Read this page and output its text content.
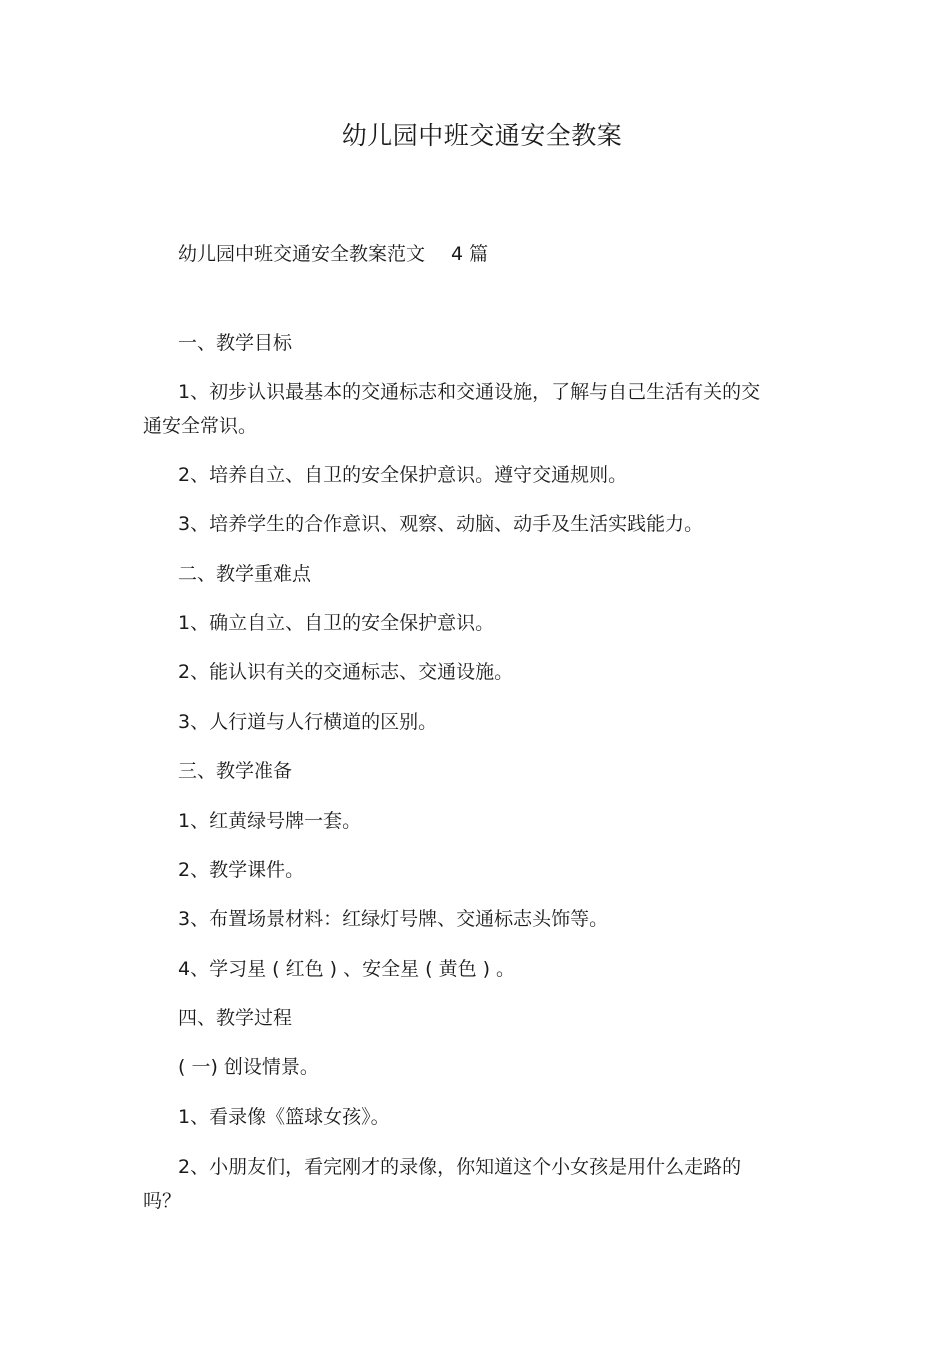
幼儿园中班交通安全教案
幼儿园中班交通安全教案范文 4 篇

一、教学目标

1、初步认识最基本的交通标志和交通设施，了解与自己生活有关的交通安全常识。

2、培养自立、自卫的安全保护意识。遵守交通规则。

3、培养学生的合作意识、观察、动脑、动手及生活实践能力。

二、教学重难点

1、确立自立、自卫的安全保护意识。

2、能认识有关的交通标志、交通设施。

3、人行道与人行横道的区别。

三、教学准备

1、红黄绿号牌一套。

2、教学课件。

3、布置场景材料：红绿灯号牌、交通标志头饰等。

4、学习星 ( 红色 ) 、安全星 ( 黄色 ) 。

四、教学过程

( 一) 创设情景。

1、看录像《篮球女孩》。

2、小朋友们，看完刚才的录像，你知道这个小女孩是用什么走路的吗？
